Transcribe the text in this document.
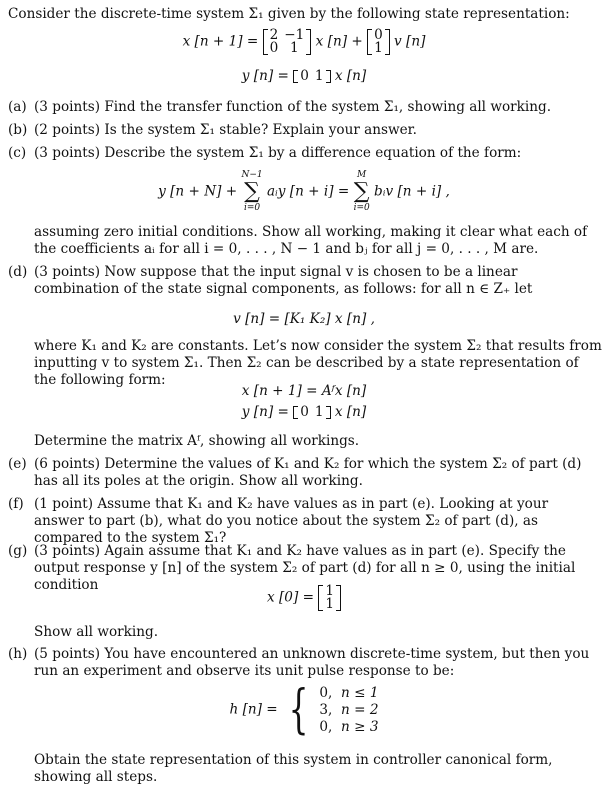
Consider the discrete-time system Σ₁ given by the following state representation:

x [n + 1] = 2	−1
0	1 x [n] + 0
1 v [n]
y [n] = 0	1 x [n]
(a) (3 points) Find the transfer function of the system Σ₁, showing all working.
(b) (2 points) Is the system Σ₁ stable? Explain your answer.
(c) (3 points) Describe the system Σ₁ by a difference equation of the form:
y [n + N] +
N−1
∑
i=0
aᵢy [n + i] =
M
∑
i=0
bᵢv [n + i] ,

assuming zero initial conditions. Show all working, making it clear what each of the coefficients aᵢ for all i = 0, . . . , N − 1 and bⱼ for all j = 0, . . . , M are.

(d) (3 points) Now suppose that the input signal v is chosen to be a linear combination of the state signal components, as follows: for all n ∈ Z₊ let
v [n] = [K₁ K₂] x [n] ,

where K₁ and K₂ are constants. Let’s now consider the system Σ₂ that results from inputting v to system Σ₁. Then Σ₂ can be described by a state representation of the following form:

x [n + 1] = Aᶠx [n]
y [n] = 0	1 x [n]

Determine the matrix Aᶠ, showing all workings.

(e) (6 points) Determine the values of K₁ and K₂ for which the system Σ₂ of part (d) has all its poles at the origin. Show all working.
(f) (1 point) Assume that K₁ and K₂ have values as in part (e). Looking at your answer to part (b), what do you notice about the system Σ₂ of part (d), as compared to the system Σ₁?
(g) (3 points) Again assume that K₁ and K₂ have values as in part (e). Specify the output response y [n] of the system Σ₂ of part (d) for all n ≥ 0, using the initial condition
x [0] = 1
1

Show all working.

(h) (5 points) You have encountered an unknown discrete-time system, but then you run an experiment and observe its unit pulse response to be:
h [n] = { 0, n ≤ 1
3, n = 2
0, n ≥ 3

Obtain the state representation of this system in controller canonical form, showing all steps.
